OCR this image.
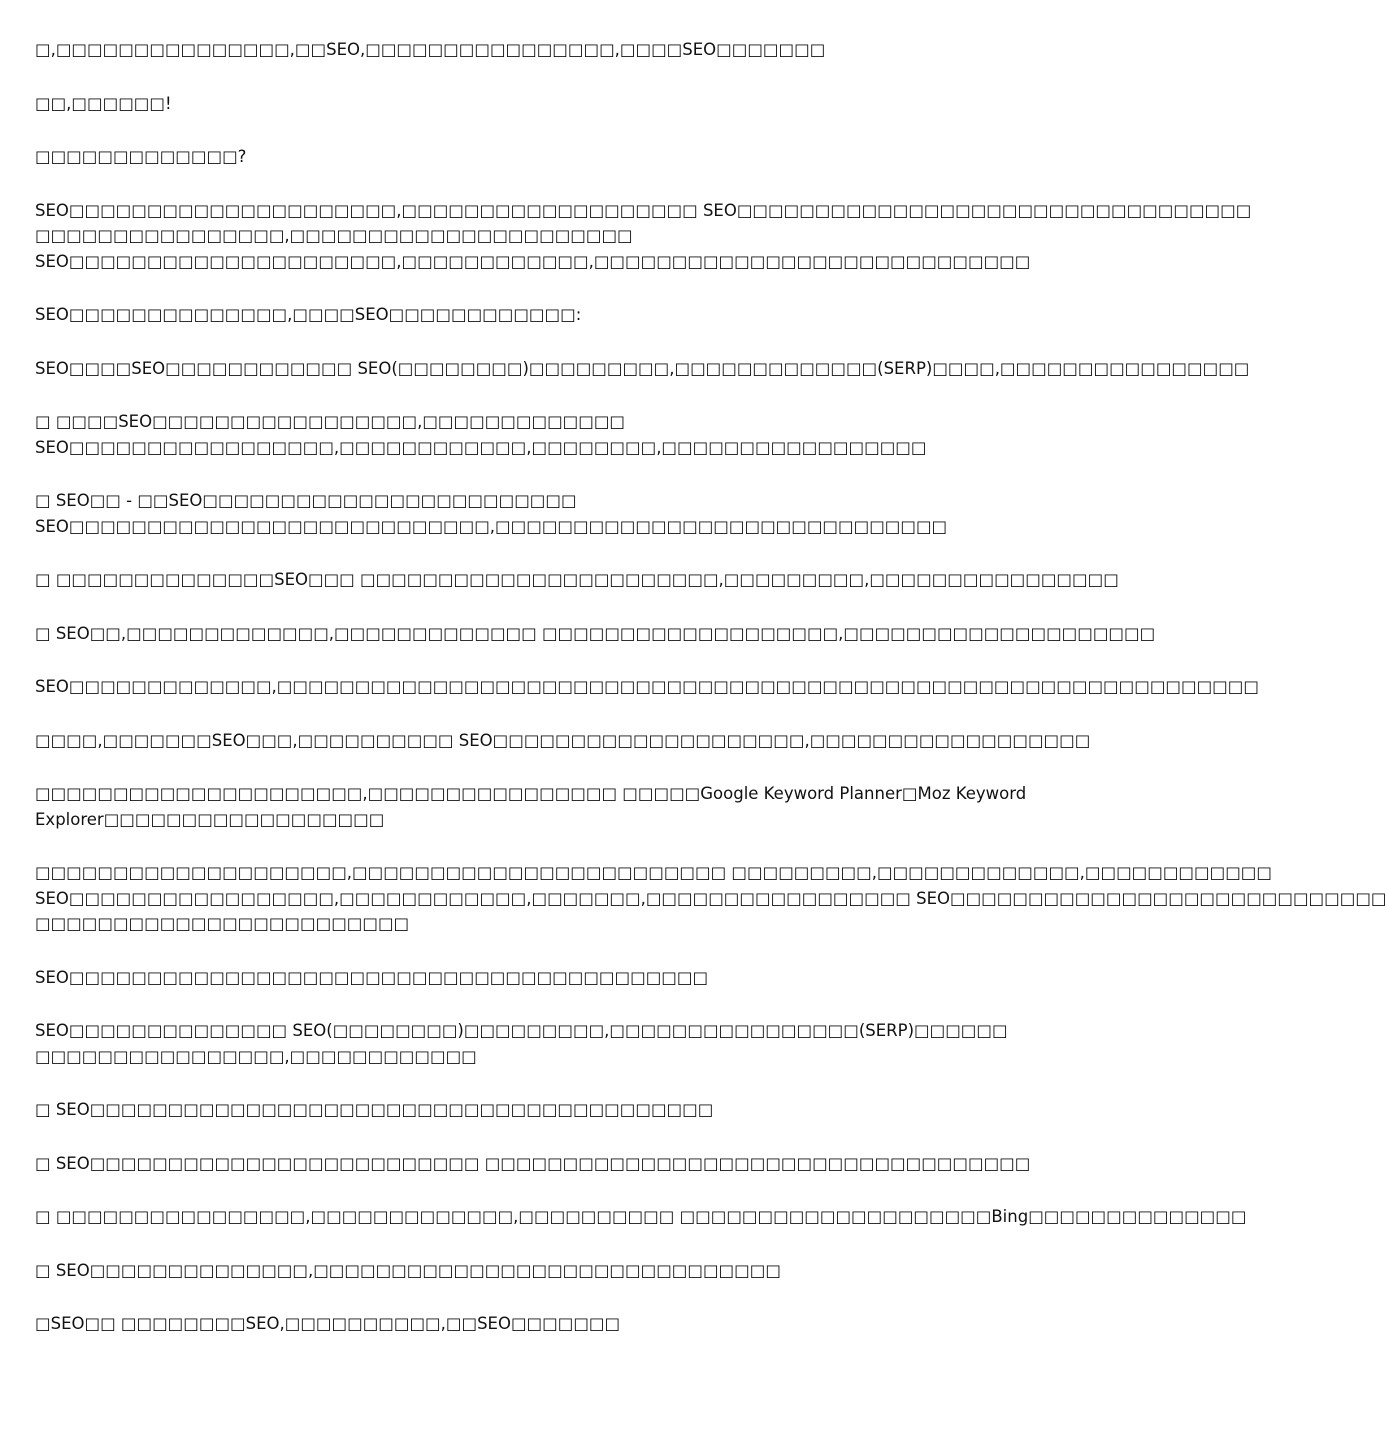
□,□□□□□□□□□□□□□□□,□□SEO,□□□□□□□□□□□□□□□□,□□□□SEO□□□□□□□

□□,□□□□□□!

□□□□□□□□□□□□□?

SEO□□□□□□□□□□□□□□□□□□□□□,□□□□□□□□□□□□□□□□□□□ SEO□□□□□□□□□□□□□□□□□□□□□□□□□□□□□□□□□
□□□□□□□□□□□□□□□□,□□□□□□□□□□□□□□□□□□□□□□
SEO□□□□□□□□□□□□□□□□□□□□□,□□□□□□□□□□□□,□□□□□□□□□□□□□□□□□□□□□□□□□□□□

SEO□□□□□□□□□□□□□□,□□□□SEO□□□□□□□□□□□□:

SEO□□□□SEO□□□□□□□□□□□□ SEO(□□□□□□□□)□□□□□□□□□,□□□□□□□□□□□□□(SERP)□□□□,□□□□□□□□□□□□□□□□

□ □□□□SEO□□□□□□□□□□□□□□□□□,□□□□□□□□□□□□□
SEO□□□□□□□□□□□□□□□□□,□□□□□□□□□□□□,□□□□□□□□,□□□□□□□□□□□□□□□□□

□ SEO□□ - □□SEO□□□□□□□□□□□□□□□□□□□□□□□□
SEO□□□□□□□□□□□□□□□□□□□□□□□□□□□,□□□□□□□□□□□□□□□□□□□□□□□□□□□□□

□ □□□□□□□□□□□□□□SEO□□□ □□□□□□□□□□□□□□□□□□□□□□□,□□□□□□□□□,□□□□□□□□□□□□□□□□

□ SEO□□,□□□□□□□□□□□□□,□□□□□□□□□□□□□ □□□□□□□□□□□□□□□□□□□,□□□□□□□□□□□□□□□□□□□□

SEO□□□□□□□□□□□□□,□□□□□□□□□□□□□□□□□□□□□□□□□□□□□□□□□□□□□□□□□□□□□□□□□□□□□□□□□□□□□□□

□□□□,□□□□□□□SEO□□□,□□□□□□□□□□ SEO□□□□□□□□□□□□□□□□□□□□,□□□□□□□□□□□□□□□□□□

□□□□□□□□□□□□□□□□□□□□□,□□□□□□□□□□□□□□□□ □□□□□Google Keyword Planner□Moz Keyword
Explorer□□□□□□□□□□□□□□□□□□

□□□□□□□□□□□□□□□□□□□□,□□□□□□□□□□□□□□□□□□□□□□□□ □□□□□□□□□,□□□□□□□□□□□□□,□□□□□□□□□□□□
SEO□□□□□□□□□□□□□□□□□,□□□□□□□□□□□□,□□□□□□□,□□□□□□□□□□□□□□□□□ SEO□□□□□□□□□□□□□□□□□□□□□□□□□□□□
□□□□□□□□□□□□□□□□□□□□□□□□

SEO□□□□□□□□□□□□□□□□□□□□□□□□□□□□□□□□□□□□□□□□□

SEO□□□□□□□□□□□□□□ SEO(□□□□□□□□)□□□□□□□□□,□□□□□□□□□□□□□□□□(SERP)□□□□□□
□□□□□□□□□□□□□□□□,□□□□□□□□□□□□

□ SEO□□□□□□□□□□□□□□□□□□□□□□□□□□□□□□□□□□□□□□□□

□ SEO□□□□□□□□□□□□□□□□□□□□□□□□□ □□□□□□□□□□□□□□□□□□□□□□□□□□□□□□□□□□□

□ □□□□□□□□□□□□□□□□,□□□□□□□□□□□□□,□□□□□□□□□□ □□□□□□□□□□□□□□□□□□□□Bing□□□□□□□□□□□□□□

□ SEO□□□□□□□□□□□□□□,□□□□□□□□□□□□□□□□□□□□□□□□□□□□□□

□SEO□□ □□□□□□□□SEO,□□□□□□□□□□,□□SEO□□□□□□□
